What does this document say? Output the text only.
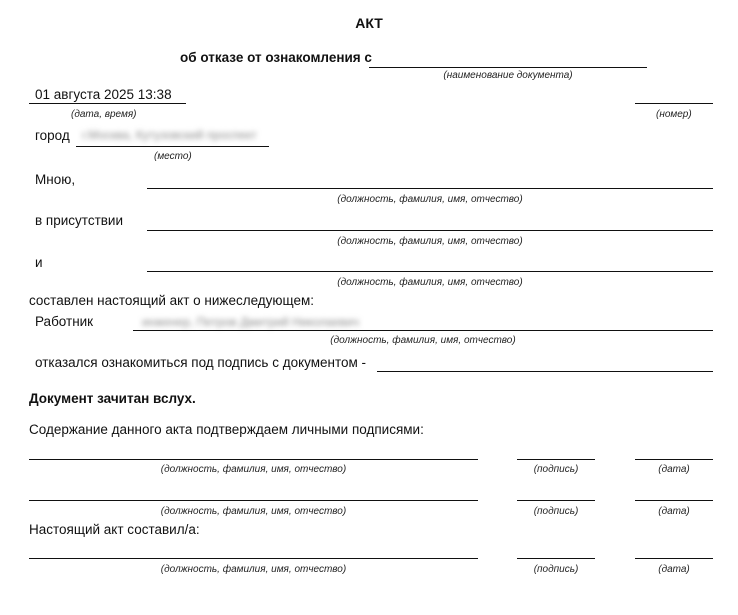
АКТ
об отказе от ознакомления с
(наименование документа)
01 августа 2025 13:38
(дата, время)	(номер)
город г.Москва, Кутузовский проспект
(место)
Мною,
(должность, фамилия, имя, отчество)
в присутствии
(должность, фамилия, имя, отчество)
и
(должность, фамилия, имя, отчество)
составлен настоящий акт о нижеследующем:
Работник	инженер, Петров Дмитрий Николаевич
(должность, фамилия, имя, отчество)
отказался ознакомиться под подпись с документом -
Документ зачитан вслух.
Содержание данного акта подтверждаем личными подписями:
(должность, фамилия, имя, отчество)	(подпись)	(дата)
(должность, фамилия, имя, отчество)	(подпись)	(дата)
Настоящий акт составил/а:
(должность, фамилия, имя, отчество)	(подпись)	(дата)
